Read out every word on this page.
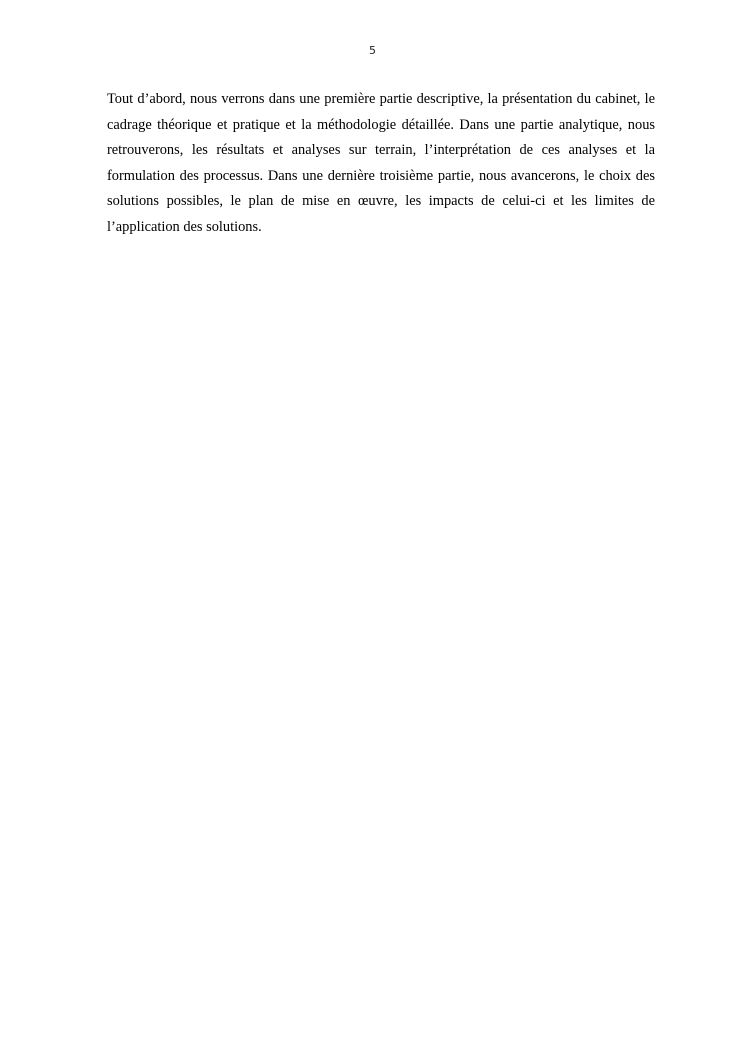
5

Tout d’abord, nous verrons dans une première partie descriptive, la présentation du cabinet, le cadrage théorique et pratique et la méthodologie détaillée. Dans une partie analytique, nous retrouverons, les résultats et analyses sur terrain, l’interprétation de ces analyses et la formulation des processus. Dans une dernière troisième partie, nous avancerons, le choix des solutions possibles, le plan de mise en œuvre, les impacts de celui-ci et les limites de l’application des solutions.
